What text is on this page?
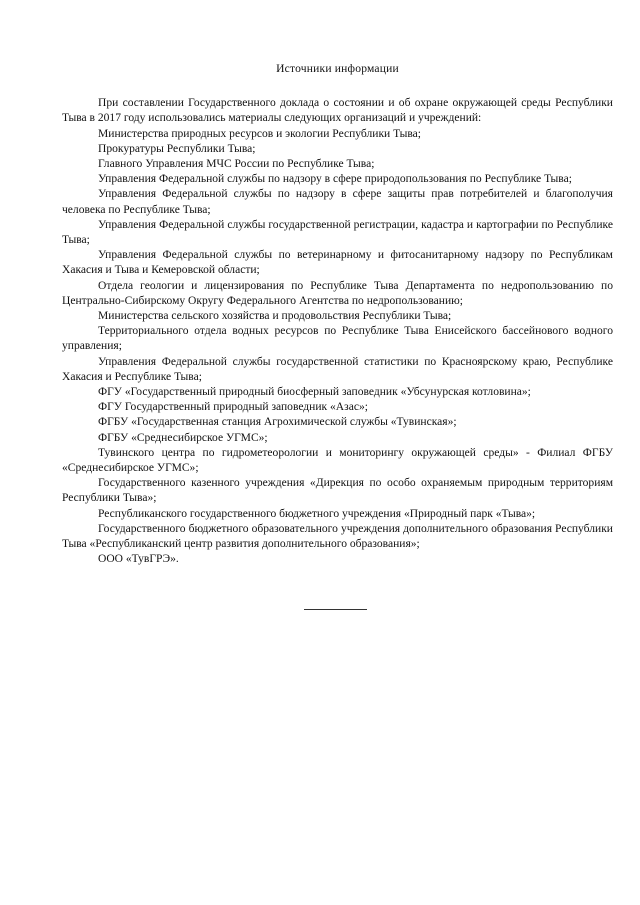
Источники информации

При составлении Государственного доклада о состоянии и об охране окружающей среды Республики Тыва в 2017 году использовались материалы следующих организаций и учреждений:

Министерства природных ресурсов и экологии Республики Тыва;

Прокуратуры Республики Тыва;

Главного Управления МЧС России по Республике Тыва;

Управления Федеральной службы по надзору в сфере природопользования по Республике Тыва;

Управления Федеральной службы по надзору в сфере защиты прав потребителей и благополучия человека по Республике Тыва;

Управления Федеральной службы государственной регистрации, кадастра и картографии по Республике Тыва;

Управления Федеральной службы по ветеринарному и фитосанитарному надзору по Республикам Хакасия и Тыва и Кемеровской области;

Отдела геологии и лицензирования по Республике Тыва Департамента по недропользованию по Центрально-Сибирскому Округу Федерального Агентства по недропользованию;

Министерства сельского хозяйства и продовольствия Республики Тыва;

Территориального отдела водных ресурсов по Республике Тыва Енисейского бассейнового водного управления;

Управления Федеральной службы государственной статистики по Красноярскому краю, Республике Хакасия и Республике Тыва;

ФГУ «Государственный природный биосферный заповедник «Убсунурская котловина»;

ФГУ Государственный природный заповедник «Азас»;

ФГБУ «Государственная станция Агрохимической службы «Тувинская»;

ФГБУ «Среднесибирское УГМС»;

Тувинского центра по гидрометеорологии и мониторингу окружающей среды» - Филиал ФГБУ «Среднесибирское УГМС»;

Государственного казенного учреждения «Дирекция по особо охраняемым природным территориям Республики Тыва»;

Республиканского государственного бюджетного учреждения «Природный парк «Тыва»;

Государственного бюджетного образовательного учреждения дополнительного образования Республики Тыва «Республиканский центр развития дополнительного образования»;

ООО «ТувГРЭ».
